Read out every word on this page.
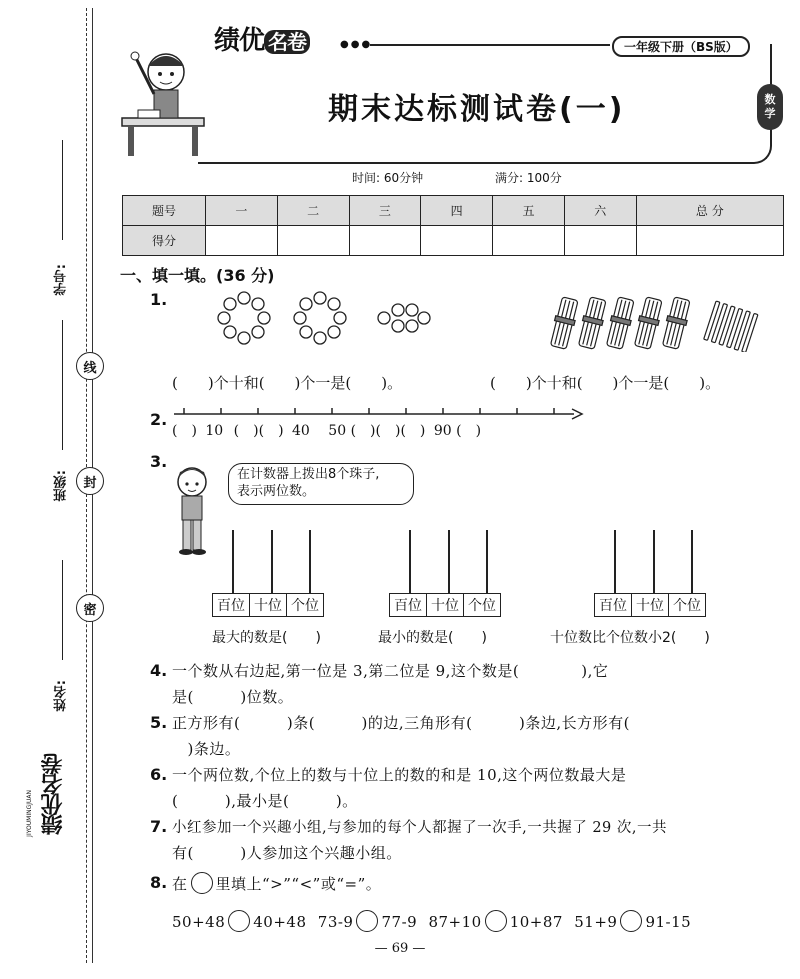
学号:
班级:
姓名:
线
封
密
绩优名卷
JIYOUMINGJUAN
绩优 名卷	●●●	一年级下册（BS版）
数
学
期末达标测试卷(一)
时间: 60分钟	满分: 100分
题号	一	二	三	四	五	六	总 分
得分							
一、填一填。(36 分)
1.
(　　)个十和(　　)个一是(　　)。	(　　)个十和(　　)个一是(　　)。
2.
(　) 10 (　)(　) 40 50 (　)(　)(　) 90 (　)
3.
在计数器上拨出8个珠子,
表示两位数。
百位 十位 个位	百位 十位 个位	百位 十位 个位
最大的数是(　　)	最小的数是(　　)	十位数比个位数小2(　　)
4. 一个数从右边起,第一位是 3,第二位是 9,这个数是(　　　　),它
是(　　　)位数。
5. 正方形有(　　　)条(　　　)的边,三角形有(　　　)条边,长方形有(
　)条边。
6. 一个两位数,个位上的数与十位上的数的和是 10,这个两位数最大是
(　　　),最小是(　　　)。
7. 小红参加一个兴趣小组,与参加的每个人都握了一次手,一共握了 29 次,一共
有(　　　)人参加这个兴趣小组。
8. 在 里填上“>”“<”或“=”。
50+48 40+48 73-9 77-9 87+10 10+87 51+9 91-15
— 69 —
